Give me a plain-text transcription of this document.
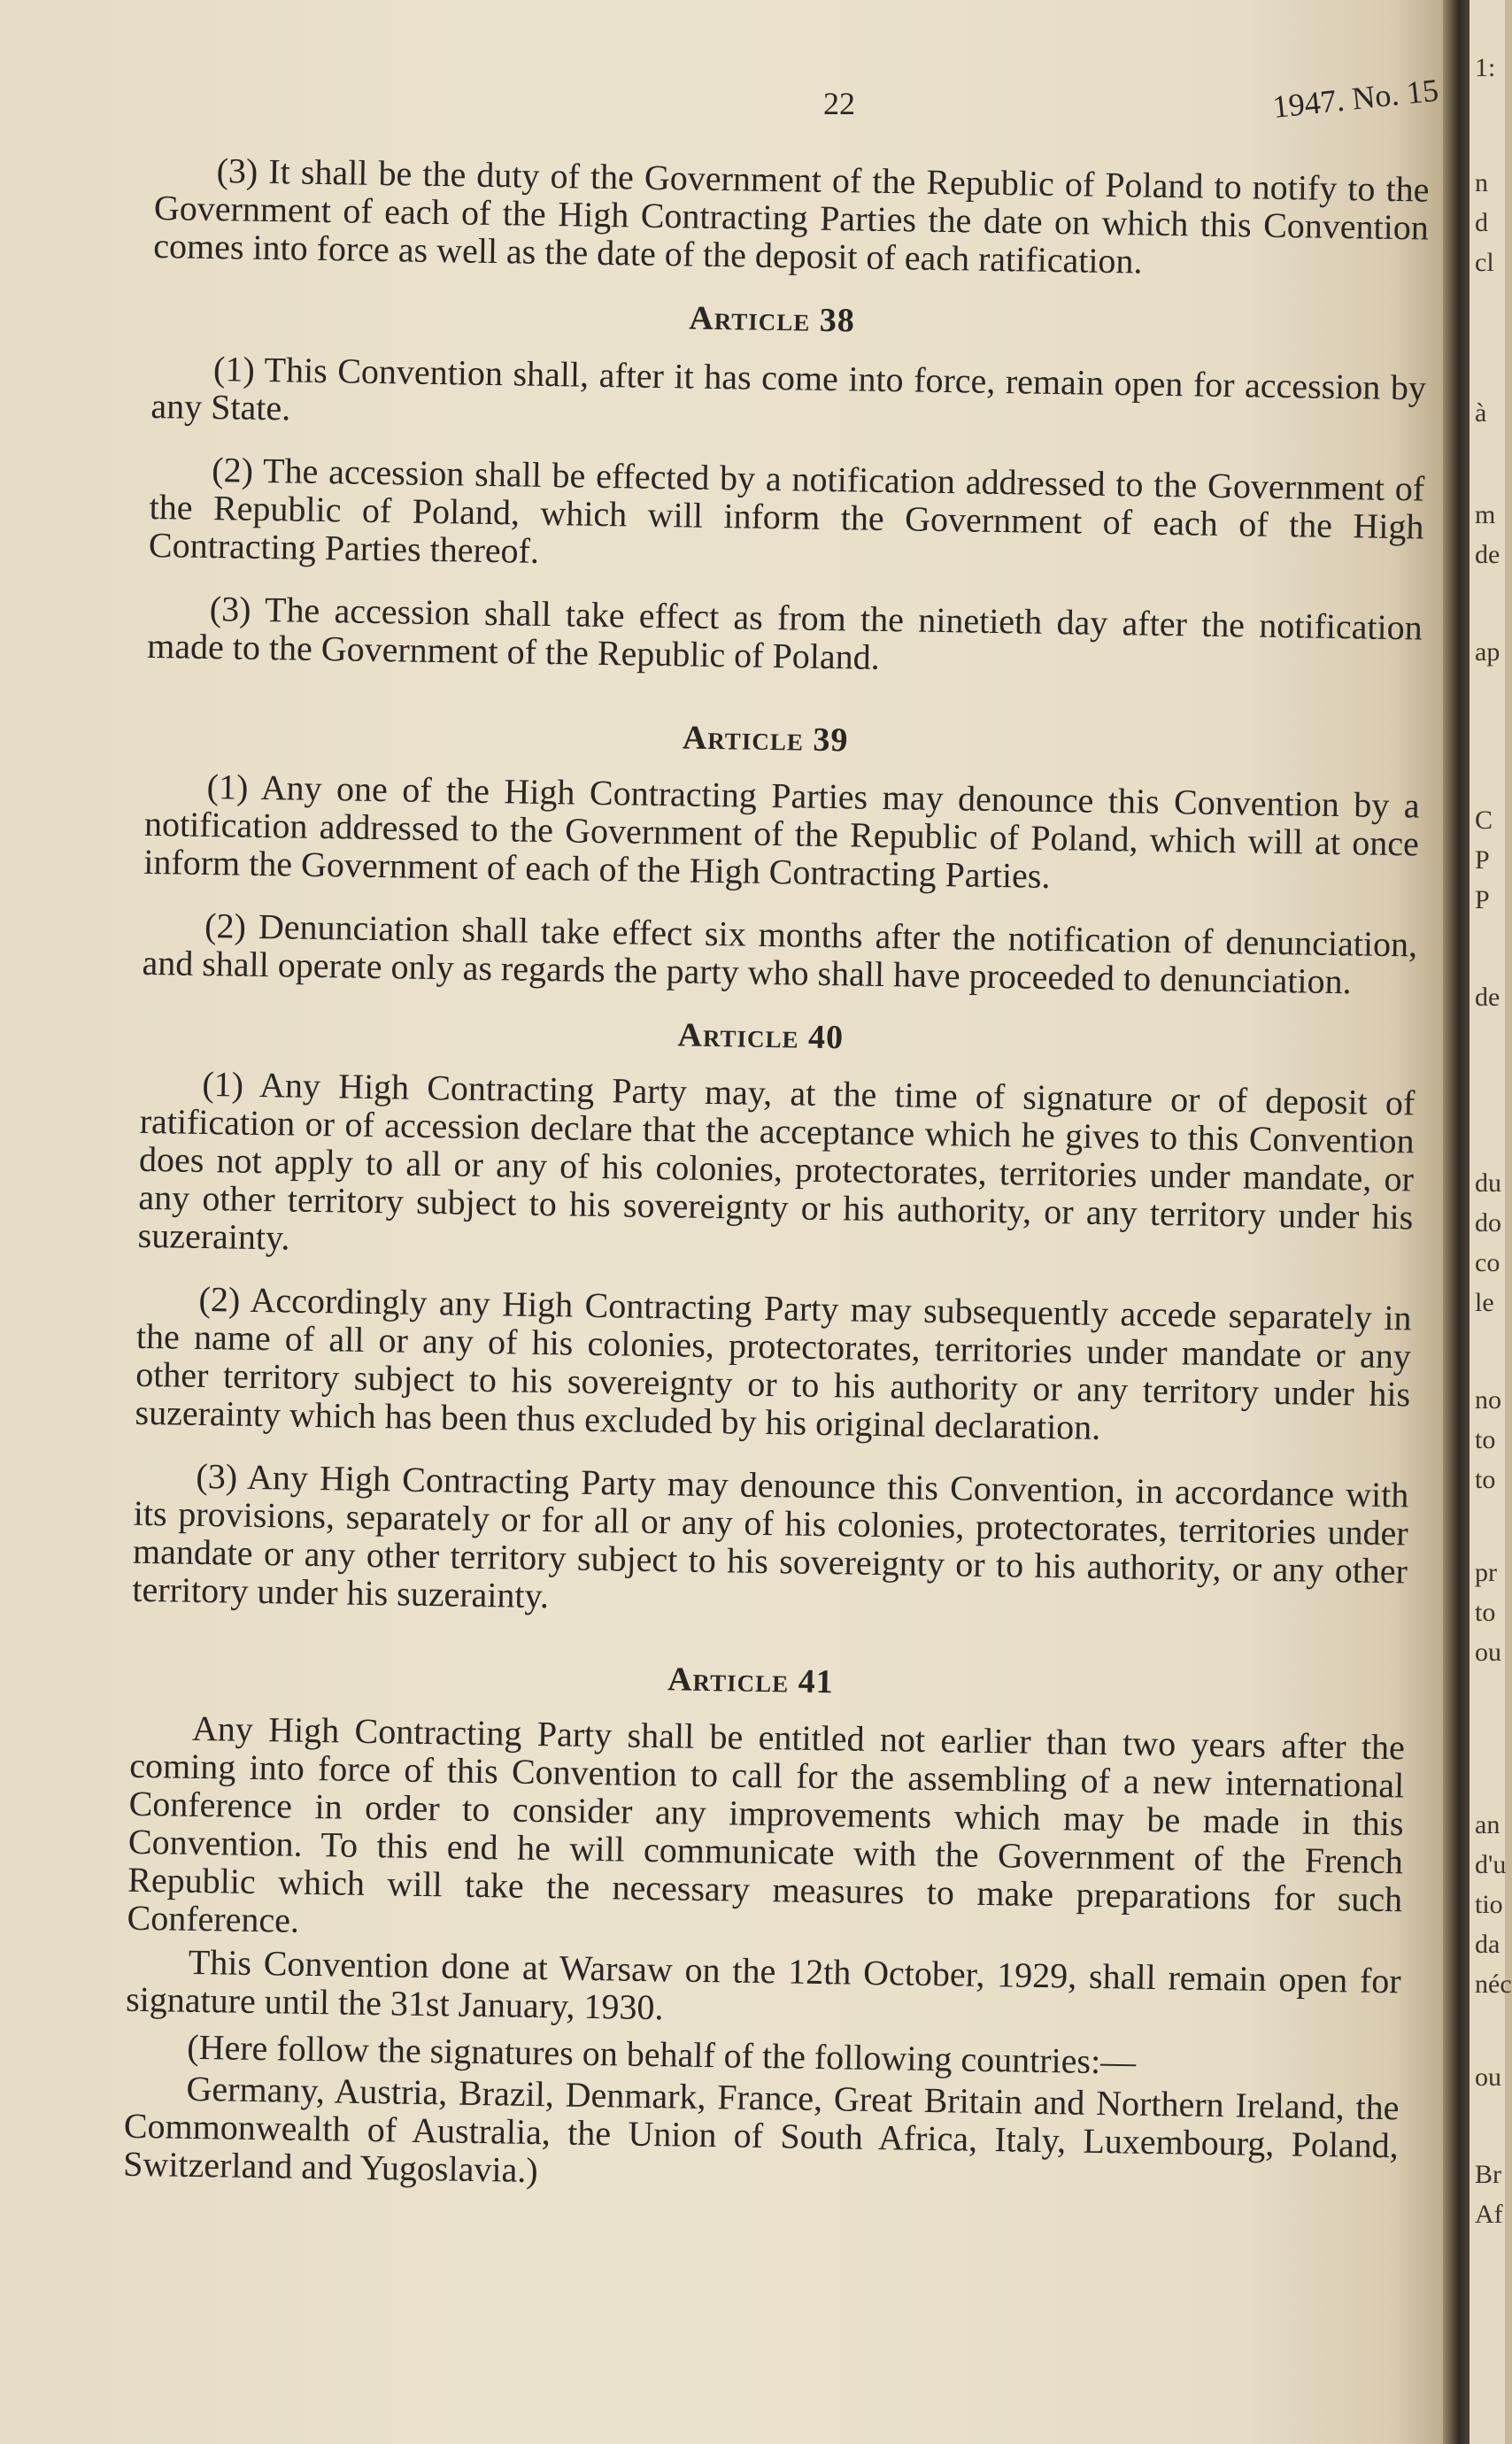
22	1947. No. 15

(3) It shall be the duty of the Government of the Republic of Poland to notify to the Government of each of the High Contracting Parties the date on which this Convention comes into force as well as the date of the deposit of each ratification.

Article 38

(1) This Convention shall, after it has come into force, remain open for accession by any State.

(2) The accession shall be effected by a notification addressed to the Government of the Republic of Poland, which will inform the Government of each of the High Contracting Parties thereof.

(3) The accession shall take effect as from the ninetieth day after the notification made to the Government of the Republic of Poland.

Article 39

(1) Any one of the High Contracting Parties may denounce this Convention by a notification addressed to the Government of the Republic of Poland, which will at once inform the Government of each of the High Contracting Parties.

(2) Denunciation shall take effect six months after the notification of denunciation, and shall operate only as regards the party who shall have proceeded to denunciation.

Article 40

(1) Any High Contracting Party may, at the time of signature or of deposit of ratification or of accession declare that the acceptance which he gives to this Convention does not apply to all or any of his colonies, protectorates, territories under mandate, or any other territory subject to his sovereignty or his authority, or any territory under his suzerainty.

(2) Accordingly any High Contracting Party may subsequently accede separately in the name of all or any of his colonies, protectorates, territories under mandate or any other territory subject to his sovereignty or to his authority or any territory under his suzerainty which has been thus excluded by his original declaration.

(3) Any High Contracting Party may denounce this Convention, in accordance with its provisions, separately or for all or any of his colonies, protectorates, territories under mandate or any other territory subject to his sovereignty or to his authority, or any other territory under his suzerainty.

Article 41

Any High Contracting Party shall be entitled not earlier than two years after the coming into force of this Convention to call for the assembling of a new international Conference in order to consider any improvements which may be made in this Convention. To this end he will communicate with the Government of the French Republic which will take the necessary measures to make preparations for such Conference.

This Convention done at Warsaw on the 12th October, 1929, shall remain open for signature until the 31st January, 1930.

(Here follow the signatures on behalf of the following countries:—

Germany, Austria, Brazil, Denmark, France, Great Britain and Northern Ireland, the Commonwealth of Australia, the Union of South Africa, Italy, Luxembourg, Poland, Switzerland and Yugoslavia.)

1:
n
d
cl
à
m
de
ap
C
P
P
de
du
do
co
le
no
to
to
pr
to
ou
an
d'u
tio
da
néc
ou
Br
Af
